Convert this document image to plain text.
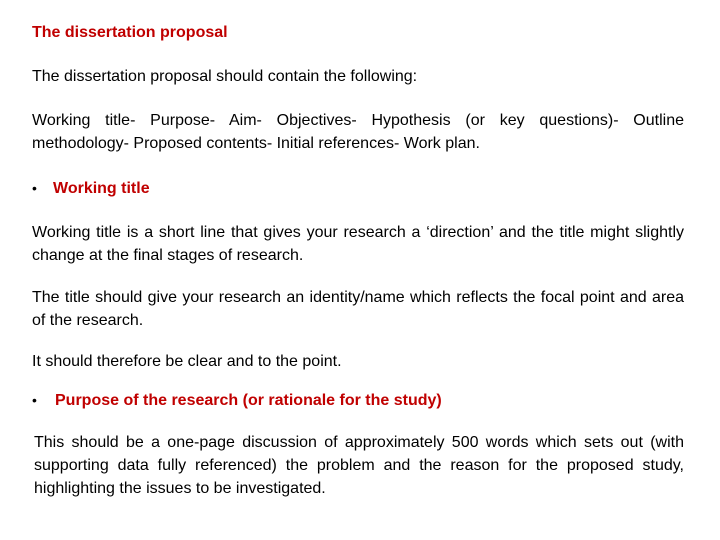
The dissertation proposal
The dissertation proposal should contain the following:
Working title- Purpose- Aim- Objectives- Hypothesis (or key questions)- Outline methodology- Proposed contents- Initial references- Work plan.
• Working title
Working title is a short line that gives your research a ‘direction’ and the title might slightly change at the final stages of research.
The title should give your research an identity/name which reflects the focal point and area of the research.
It should therefore be clear and to the point.
• Purpose of the research (or rationale for the study)
This should be a one-page discussion of approximately 500 words which sets out (with supporting data fully referenced) the problem and the reason for the proposed study, highlighting the issues to be investigated.
